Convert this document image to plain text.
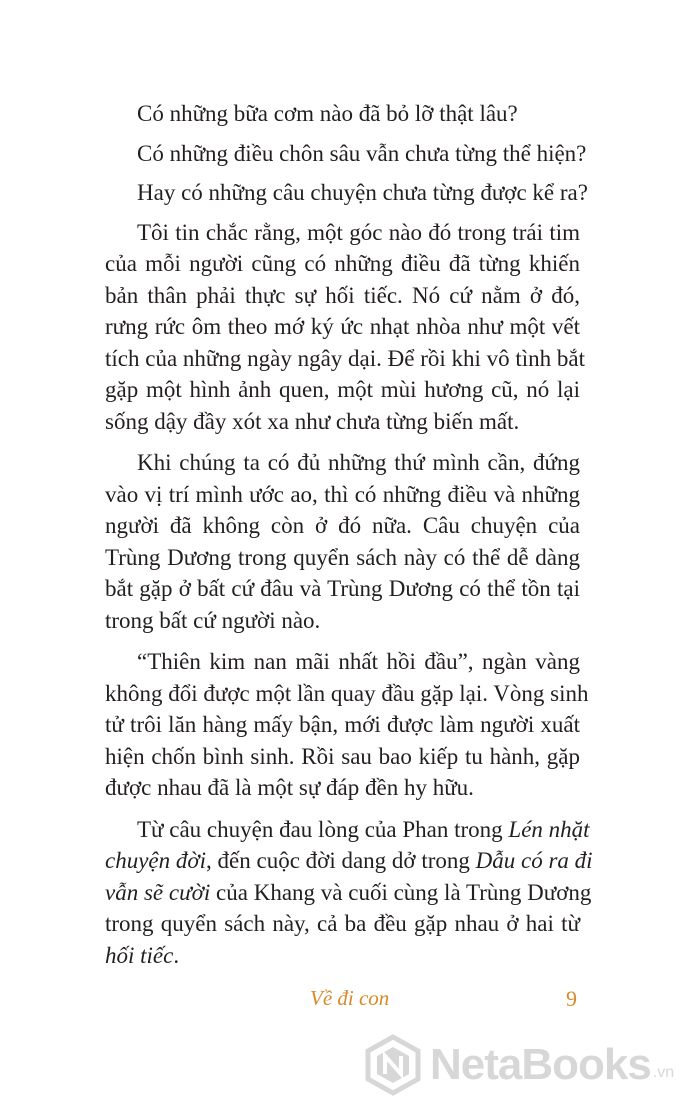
Có những bữa cơm nào đã bỏ lỡ thật lâu?
Có những điều chôn sâu vẫn chưa từng thể hiện?
Hay có những câu chuyện chưa từng được kể ra?
Tôi tin chắc rằng, một góc nào đó trong trái tim
của mỗi người cũng có những điều đã từng khiến
bản thân phải thực sự hối tiếc. Nó cứ nằm ở đó,
rưng rức ôm theo mớ ký ức nhạt nhòa như một vết
tích của những ngày ngây dại. Để rồi khi vô tình bắt
gặp một hình ảnh quen, một mùi hương cũ, nó lại
sống dậy đầy xót xa như chưa từng biến mất.
Khi chúng ta có đủ những thứ mình cần, đứng
vào vị trí mình ước ao, thì có những điều và những
người đã không còn ở đó nữa. Câu chuyện của
Trùng Dương trong quyển sách này có thể dễ dàng
bắt gặp ở bất cứ đâu và Trùng Dương có thể tồn tại
trong bất cứ người nào.
“Thiên kim nan mãi nhất hồi đầu”, ngàn vàng
không đổi được một lần quay đầu gặp lại. Vòng sinh
tử trôi lăn hàng mấy bận, mới được làm người xuất
hiện chốn bình sinh. Rồi sau bao kiếp tu hành, gặp
được nhau đã là một sự đáp đền hy hữu.
Từ câu chuyện đau lòng của Phan trong Lén nhặt
chuyện đời, đến cuộc đời dang dở trong Dẫu có ra đi
vẫn sẽ cười của Khang và cuối cùng là Trùng Dương
trong quyển sách này, cả ba đều gặp nhau ở hai từ
hối tiếc.
Về đi con	9
NetaBooks .vn
